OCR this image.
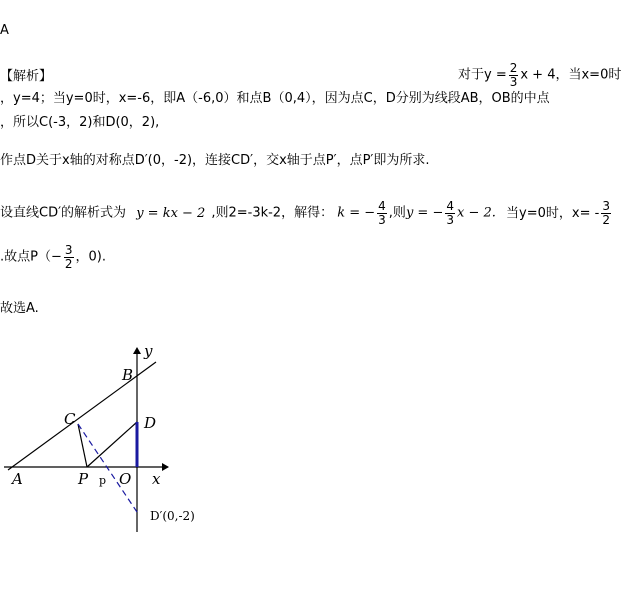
A
【解析】	对于$y = \frac{2}{3}$ x + 4，当x=0时
，y=4；当y=0时，x=-6，即A（-6,0）和点B（0,4），因为点C，D分别为线段AB，OB的中点
，所以C(-3，2)和D(0，2),
作点D关于x轴的对称点D′(0，-2)，连接CD′，交x轴于点P′，点P′即为所求.
设直线CD′的解析式为 y = kx − 2 ,则2=-3k-2，解得： k = − $\frac{4}{3}$ ,则y = − $\frac{4}{3}$ x − 2. 当y=0时，$x= - \frac{3}{2}$
.故点$P(- \frac{3}{2}$ ，0).
故选A.
y
x
B
C	D
A	P p O
D′(0,-2)
